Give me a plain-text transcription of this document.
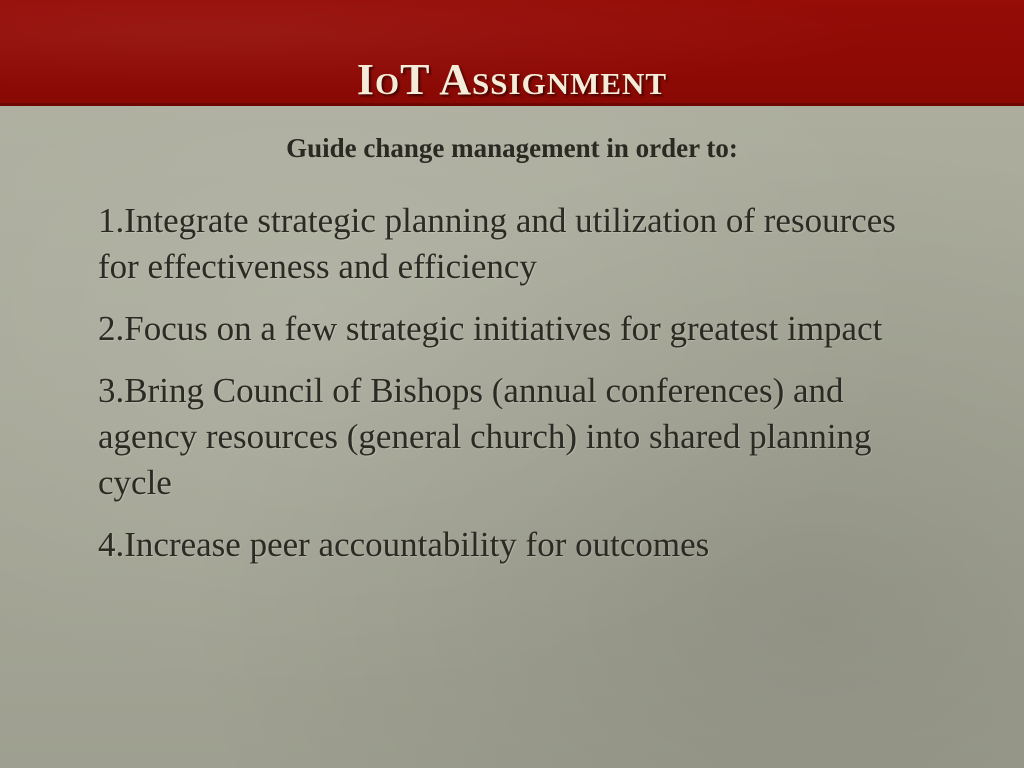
IoT Assignment

Guide change management in order to:

1.Integrate strategic planning and utilization of resources for effectiveness and efficiency
2.Focus on a few strategic initiatives for greatest impact
3.Bring Council of Bishops (annual conferences) and agency resources (general church) into shared planning cycle
4.Increase peer accountability for outcomes
